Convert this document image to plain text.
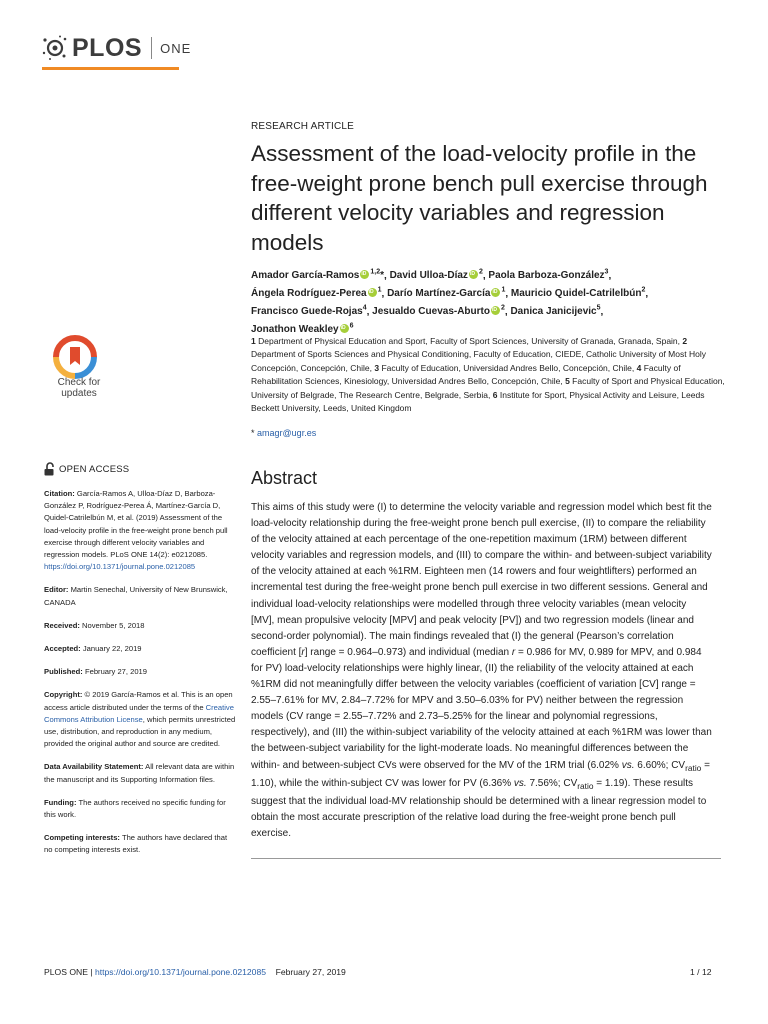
PLOS ONE
RESEARCH ARTICLE
Assessment of the load-velocity profile in the free-weight prone bench pull exercise through different velocity variables and regression models
Amador García-Ramos iD $^{1,2}$*, David Ulloa-Díaz iD $^2$, Paola Barboza-González$^3$,
Ángela Rodríguez-Perea iD $^1$, Darío Martínez-García iD $^1$, Mauricio Quidel-Catrilelbún$^2$,
Francisco Guede-Rojas$^4$, Jesualdo Cuevas-Aburto iD $^2$, Danica Janicijevic$^5$,
Jonathon Weakley iD $^6$
1 Department of Physical Education and Sport, Faculty of Sport Sciences, University of Granada, Granada, Spain, 2 Department of Sports Sciences and Physical Conditioning, Faculty of Education, CIEDE, Catholic University of Most Holy Concepción, Concepción, Chile, 3 Faculty of Education, Universidad Andres Bello, Concepción, Chile, 4 Faculty of Rehabilitation Sciences, Kinesiology, Universidad Andres Bello, Concepción, Chile, 5 Faculty of Sport and Physical Education, University of Belgrade, The Research Centre, Belgrade, Serbia, 6 Institute for Sport, Physical Activity and Leisure, Leeds Beckett University, Leeds, United Kingdom
* amagr@ugr.es
Abstract
This aims of this study were (I) to determine the velocity variable and regression model which best fit the load-velocity relationship during the free-weight prone bench pull exercise, (II) to compare the reliability of the velocity attained at each percentage of the one-repetition maximum (1RM) between different velocity variables and regression models, and (III) to compare the within- and between-subject variability of the velocity attained at each %1RM. Eighteen men (14 rowers and four weightlifters) performed an incremental test during the free-weight prone bench pull exercise in two different sessions. General and individual load-velocity relationships were modelled through three velocity variables (mean velocity [MV], mean propulsive velocity [MPV] and peak velocity [PV]) and two regression models (linear and second-order polynomial). The main findings revealed that (I) the general (Pearson’s correlation coefficient [r] range = 0.964–0.973) and individual (median r = 0.986 for MV, 0.989 for MPV, and 0.984 for PV) load-velocity relationships were highly linear, (II) the reliability of the velocity attained at each %1RM did not meaningfully differ between the velocity variables (coefficient of variation [CV] range = 2.55–7.61% for MV, 2.84–7.72% for MPV and 3.50–6.03% for PV) neither between the regression models (CV range = 2.55–7.72% and 2.73–5.25% for the linear and polynomial regressions, respectively), and (III) the within-subject variability of the velocity attained at each %1RM was lower than the between-subject variability for the light-moderate loads. No meaningful differences between the within- and between-subject CVs were observed for the MV of the 1RM trial (6.02% vs. 6.60%; $CV_{ratio} = 1.10$), while the within-subject CV was lower for PV (6.36% vs. 7.56%; $CV_{ratio} = 1.19$). These results suggest that the individual load-MV relationship should be determined with a linear regression model to obtain the most accurate prescription of the relative load during the free-weight prone bench pull exercise.
Check for updates
OPEN ACCESS

Citation: García-Ramos A, Ulloa-Díaz D, Barboza-González P, Rodríguez-Perea Á, Martínez-García D, Quidel-Catrilelbún M, et al. (2019) Assessment of the load-velocity profile in the free-weight prone bench pull exercise through different velocity variables and regression models. PLoS ONE 14(2): e0212085. https://doi.org/10.1371/journal.pone.0212085

Editor: Martin Senechal, University of New Brunswick, CANADA

Received: November 5, 2018

Accepted: January 22, 2019

Published: February 27, 2019

Copyright: © 2019 García-Ramos et al. This is an open access article distributed under the terms of the Creative Commons Attribution License, which permits unrestricted use, distribution, and reproduction in any medium, provided the original author and source are credited.

Data Availability Statement: All relevant data are within the manuscript and its Supporting Information files.

Funding: The authors received no specific funding for this work.

Competing interests: The authors have declared that no competing interests exist.

PLOS ONE | https://doi.org/10.1371/journal.pone.0212085 February 27, 2019	1 / 12
